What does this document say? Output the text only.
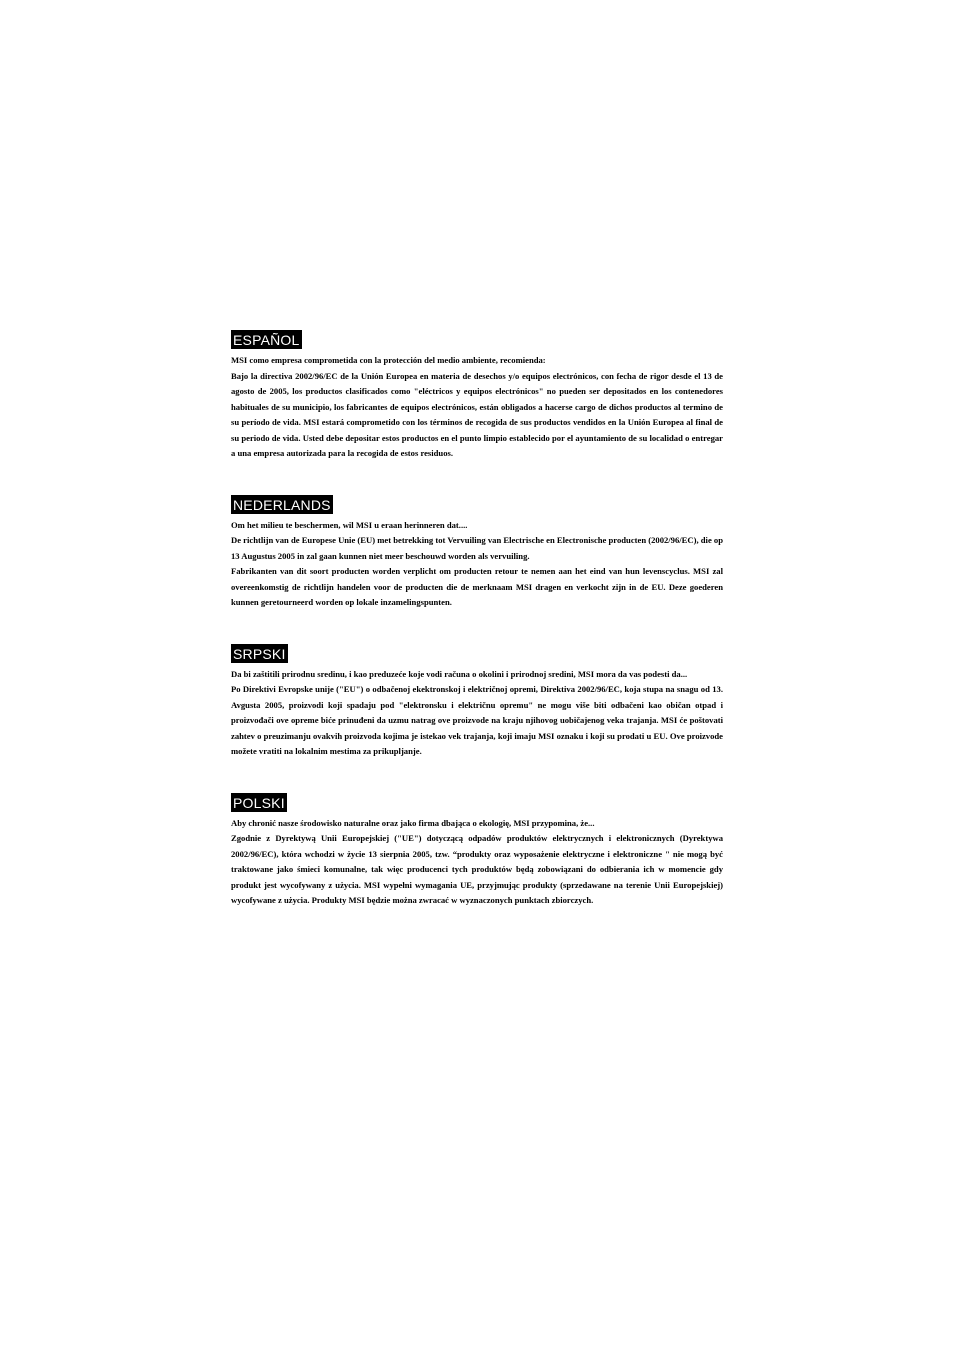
ESPAÑOL

MSI como empresa comprometida con la protección del medio ambiente, recomienda:

Bajo la directiva 2002/96/EC de la Unión Europea en materia de desechos y/o equipos electrónicos, con fecha de rigor desde el 13 de agosto de 2005, los productos clasificados como "eléctricos y equipos electrónicos" no pueden ser depositados en los contenedores habituales de su municipio, los fabricantes de equipos electrónicos, están obligados a hacerse cargo de dichos productos al termino de su período de vida. MSI estará comprometido con los términos de recogida de sus productos vendidos en la Unión Europea al final de su periodo de vida. Usted debe depositar estos productos en el punto limpio establecido por el ayuntamiento de su localidad o entregar a una empresa autorizada para la recogida de estos residuos.

NEDERLANDS

Om het milieu te beschermen, wil MSI u eraan herinneren dat....

De richtlijn van de Europese Unie (EU) met betrekking tot Vervuiling van Electrische en Electronische producten (2002/96/EC), die op 13 Augustus 2005 in zal gaan kunnen niet meer beschouwd worden als vervuiling.

Fabrikanten van dit soort producten worden verplicht om producten retour te nemen aan het eind van hun levenscyclus. MSI zal overeenkomstig de richtlijn handelen voor de producten die de merknaam MSI dragen en verkocht zijn in de EU. Deze goederen kunnen geretourneerd worden op lokale inzamelingspunten.

SRPSKI

Da bi zaštitili prirodnu sredinu, i kao preduzeće koje vodi računa o okolini i prirodnoj sredini, MSI mora da vas podesti da...

Po Direktivi Evropske unije ("EU") o odbačenoj ekektronskoj i električnoj opremi, Direktiva 2002/96/EC, koja stupa na snagu od 13. Avgusta 2005, proizvodi koji spadaju pod "elektronsku i električnu opremu" ne mogu više biti odbačeni kao običan otpad i proizvođači ove opreme biće prinuđeni da uzmu natrag ove proizvode na kraju njihovog uobičajenog veka trajanja. MSI će poštovati zahtev o preuzimanju ovakvih proizvoda kojima je istekao vek trajanja, koji imaju MSI oznaku i koji su prodati u EU. Ove proizvode možete vratiti na lokalnim mestima za prikupljanje.

POLSKI

Aby chronić nasze środowisko naturalne oraz jako firma dbająca o ekologię, MSI przypomina, że...

Zgodnie z Dyrektywą Unii Europejskiej ("UE") dotyczącą odpadów produktów elektrycznych i elektronicznych (Dyrektywa 2002/96/EC), która wchodzi w życie 13 sierpnia 2005, tzw. “produkty oraz wyposażenie elektryczne i elektroniczne " nie mogą być traktowane jako śmieci komunalne, tak więc producenci tych produktów będą zobowiązani do odbierania ich w momencie gdy produkt jest wycofywany z użycia. MSI wypełni wymagania UE, przyjmując produkty (sprzedawane na terenie Unii Europejskiej) wycofywane z użycia. Produkty MSI będzie można zwracać w wyznaczonych punktach zbiorczych.
